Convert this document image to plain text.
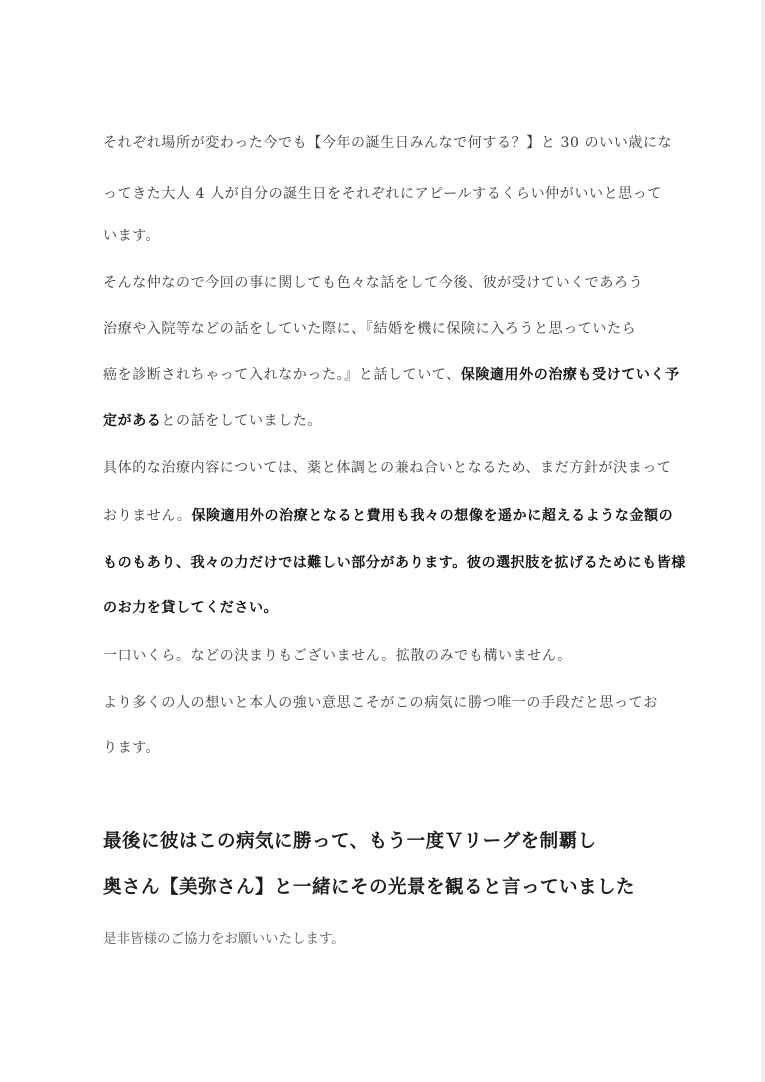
それぞれ場所が変わった今でも【今年の誕生日みんなで何する？】と 30 のいい歳にな
ってきた大人 4 人が自分の誕生日をそれぞれにアピールするくらい仲がいいと思って
います。
そんな仲なので今回の事に関しても色々な話をして今後、彼が受けていくであろう
治療や入院等などの話をしていた際に、『結婚を機に保険に入ろうと思っていたら
癌を診断されちゃって入れなかった。』と話していて、保険適用外の治療も受けていく予
定があるとの話をしていました。
具体的な治療内容については、薬と体調との兼ね合いとなるため、まだ方針が決まって
おりません。保険適用外の治療となると費用も我々の想像を遥かに超えるような金額の
ものもあり、我々の力だけでは難しい部分があります。彼の選択肢を拡げるためにも皆様
のお力を貸してください。
一口いくら。などの決まりもございません。拡散のみでも構いません。
より多くの人の想いと本人の強い意思こそがこの病気に勝つ唯一の手段だと思ってお
ります。
最後に彼はこの病気に勝って、もう一度Ｖリーグを制覇し
奥さん【美弥さん】と一緒にその光景を観ると言っていました
是非皆様のご協力をお願いいたします。
